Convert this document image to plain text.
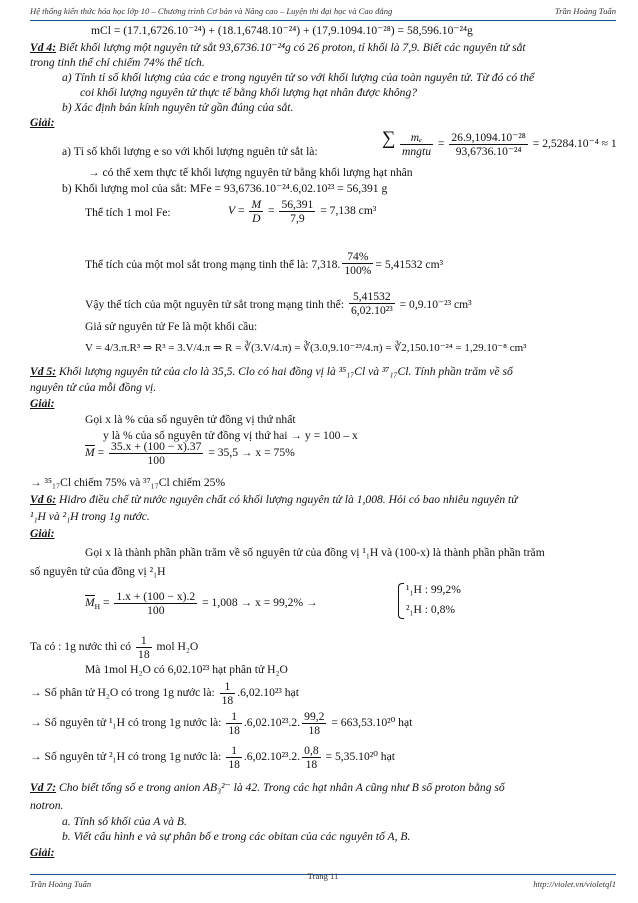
Hệ thống kiến thức hóa học lớp 10 – Chương trình Cơ bản và Nâng cao – Luyện thi đại học và Cao đẳng	Trần Hoàng Tuấn
mCl = (17.1,6726.10⁻²⁴) + (18.1,6748.10⁻²⁴) + (17,9.1094.10⁻²⁸) = 58,596.10⁻²⁴g
Vd 4: Biết khối lượng một nguyên tử sắt 93,6736.10⁻²⁴g có 26 proton, tỉ khối là 7,9. Biết các nguyên tử sắt
trong tinh thể chỉ chiếm 74% thể tích.
a) Tính tỉ số khối lượng của các e trong nguyên tử so với khối lượng của toàn nguyên tử. Từ đó có thể
coi khối lượng nguyên tử thực tế bằng khối lượng hạt nhân được không?
b) Xác định bán kính nguyên tử gần đúng của sắt.
Giải:
a) Tỉ số khối lượng e so với khối lượng nguên tử sắt là:
∑	mₑ
mngtu
= $\frac{\text{26.9,1094.10⁻²⁸}}{\text{93,6736.10⁻²⁴}} = 2,5284.10^{-4} \approx 1$
→ có thể xem thực tế khối lượng nguyên tử bằng khối lượng hạt nhân
b) Khối lượng mol của sắt: MFe = 93,6736.10⁻²⁴.6,02.10²³ = 56,391 g
Thể tích 1 mol Fe:	$V = \frac{M}{D} = \frac{56,391}{7,9} = 7,138$ cm³
Thể tích của một mol sắt trong mạng tinh thể là: 7,318. $\frac{74\%}{100\%} = 5,41532$ cm³
Vậy thể tích của một nguyên tử sắt trong mạng tinh thể: $\frac{5,41532}{\text{6,02.10²³}} = 0,9.10^{-23}$ cm³
Giả sử nguyên tử Fe là một khối cầu:
V = 4/3.π.R³ ⇒ R³ = 3.V/4.π ⇒ R = ∛(3.V/4.π) = ∛(3.0,9.10⁻²³/4.π) = ∛2,150.10⁻²⁴ = 1,29.10⁻⁸ cm³
Vd 5: Khối lượng nguyên tử của clo là 35,5. Clo có hai đồng vị là ³⁵₁₇Cl và ³⁷₁₇Cl. Tính phần trăm về số
nguyên tử của mỗi đồng vị.
Giải:
Gọi x là % của số nguyên tử đồng vị thứ nhất
y là % của số nguyên tử đồng vị thứ hai → y = 100 – x
$M = \frac{35.x + (100 - x).37}{100} = 35,5 \to x = 75\%$
→ ³⁵₁₇Cl chiếm 75% và ³⁷₁₇Cl chiếm 25%
Vd 6: Hidro điều chế từ nước nguyên chất có khối lượng nguyên tử là 1,008. Hỏi có bao nhiêu nguyên tử
¹₁H và ²₁H trong 1g nước.
Giải:
Gọi x là thành phần phần trăm về số nguyên tử của đồng vị ¹₁H và (100-x) là thành phần phần trăm
số nguyên tử của đồng vị ²₁H
$M_H = \frac{1.x + (100 - x).2}{100} = 1,008 \to x = 99,2\%$ →
¹₁H : 99,2%
²₁H : 0,8%
Ta có : 1g nước thì có $\frac{1}{18}$ mol H₂O
Mà 1mol H₂O có 6,02.10²³ hạt phân tử H₂O
→ Số phân tử H₂O có trong 1g nước là: $\frac{1}{18} .6,02.10^{23}$ hạt
→ Số nguyên tử ¹₁H có trong 1g nước là: $\frac{1}{18} .6,02.10^{23}.2$. $\frac{99,2}{18} = 663,53.10^{20}$ hạt
→ Số nguyên tử ²₁H có trong 1g nước là: $\frac{1}{18} .6,02.10^{23}.2$. $\frac{0,8}{18} = 5,35.10^{20}$ hạt
Vd 7: Cho biết tổng số e trong anion AB₃²⁻ là 42. Trong các hạt nhân A cũng như B số proton bằng số
notron.
a. Tính số khối của A và B.
b. Viết cấu hình e và sự phân bố e trong các obitan của các nguyên tố A, B.
Giải:
Trần Hoàng Tuấn
Trang 11
http://violet.vn/violetql1
